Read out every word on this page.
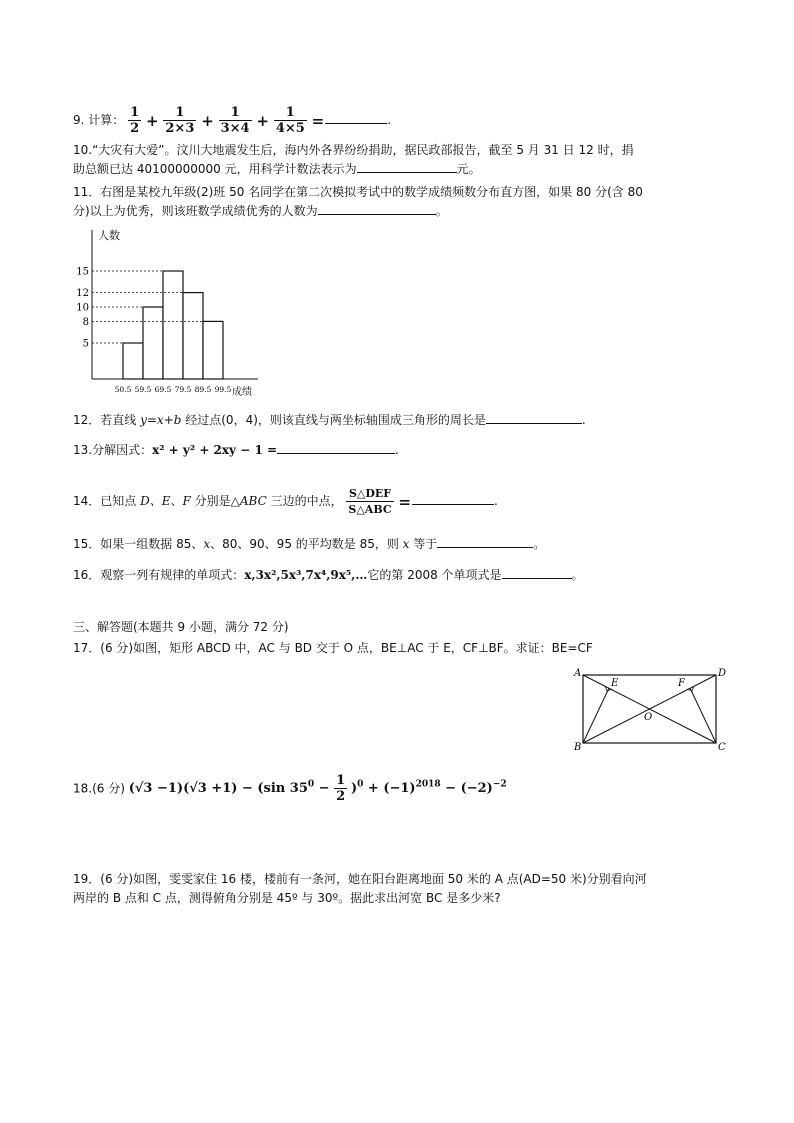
9. 计算： $\frac{1}{2} + \frac{1}{2\times 3} + \frac{1}{3\times 4} + \frac{1}{4\times 5}$ =	.
10.“大灾有大爱”。汶川大地震发生后，海内外各界纷纷捐助，据民政部报告，截至 5 月 31 日 12 时，捐
助总额已达 40100000000 元，用科学计数法表示为	元。
11．右图是某校九年级(2)班 50 名同学在第二次模拟考试中的数学成绩频数分布直方图，如果 80 分(含 80
分)以上为优秀，则该班数学成绩优秀的人数为	。
人数
成绩
5
8
10
12
15
50.5 59.5 69.5 79.5 89.5 99.5
12．若直线 y=x+b 经过点(0，4)，则该直线与两坐标轴围成三角形的周长是	.
13.分解因式：x² + y² + 2xy − 1 =	.
14．已知点 D、E、F 分别是△ABC 三边的中点， $\frac{\text{S△DEF}}{\text{S△ABC}}$ =	.
15．如果一组数据 85、x、80、90、95 的平均数是 85，则 x 等于	。
16．观察一列有规律的单项式：x,3x²,5x³,7x⁴,9x⁵,…它的第 2008 个单项式是	。
三、解答题(本题共 9 小题，满分 72 分)
17．(6 分)如图，矩形 ABCD 中，AC 与 BD 交于 O 点，BE⊥AC 于 E，CF⊥BF。求证：BE=CF
A	D
B	C
E	F
O
18.(6 分) (√3 −1)(√3 +1) − (sin $35^0 - \frac{1}{2} )^0 + (-1)^{2018} - (-2)^{-2}$
19．(6 分)如图，雯雯家住 16 楼，楼前有一条河，她在阳台距离地面 50 米的 A 点(AD=50 米)分别看向河
两岸的 B 点和 C 点，测得俯角分别是 45º 与 30º。据此求出河宽 BC 是多少米?
